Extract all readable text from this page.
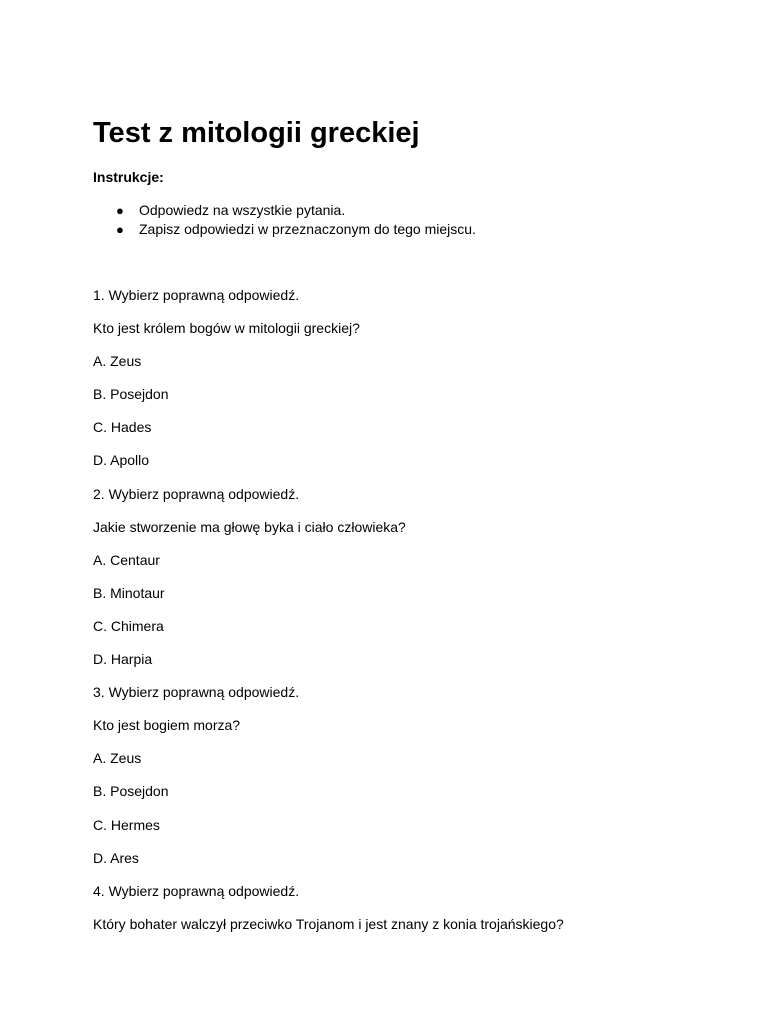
Test z mitologii greckiej
Instrukcje:
● Odpowiedz na wszystkie pytania.
● Zapisz odpowiedzi w przeznaczonym do tego miejscu.
1. Wybierz poprawną odpowiedź.
Kto jest królem bogów w mitologii greckiej?
A. Zeus
B. Posejdon
C. Hades
D. Apollo
2. Wybierz poprawną odpowiedź.
Jakie stworzenie ma głowę byka i ciało człowieka?
A. Centaur
B. Minotaur
C. Chimera
D. Harpia
3. Wybierz poprawną odpowiedź.
Kto jest bogiem morza?
A. Zeus
B. Posejdon
C. Hermes
D. Ares
4. Wybierz poprawną odpowiedź.
Który bohater walczył przeciwko Trojanom i jest znany z konia trojańskiego?
